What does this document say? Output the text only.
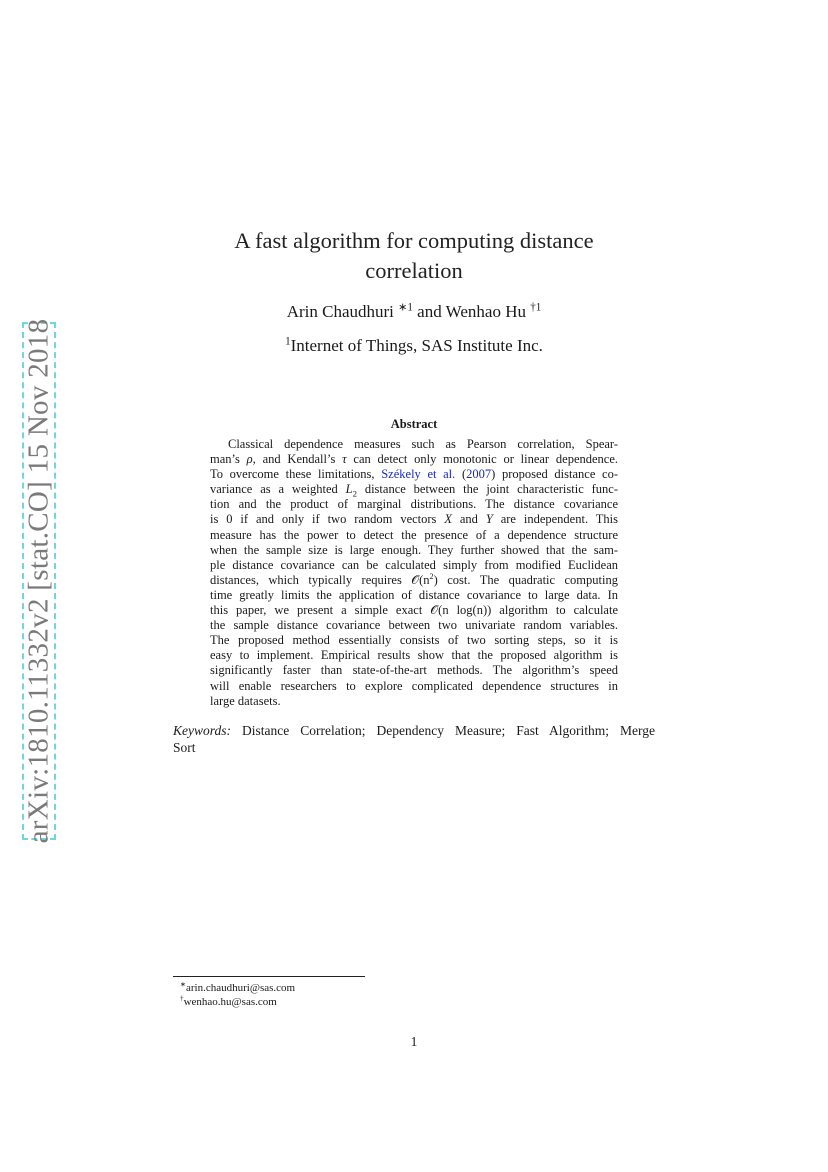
arXiv:1810.11332v2 [stat.CO] 15 Nov 2018
A fast algorithm for computing distance
correlation
Arin Chaudhuri $^{∗1}$ and Wenhao Hu $^{\dagger 1}$
$^1$Internet of Things, SAS Institute Inc.
Abstract
Classical dependence measures such as Pearson correlation, Spear-
man’s ρ, and Kendall’s τ can detect only monotonic or linear dependence.
To overcome these limitations, Székely et al. (2007) proposed distance co-
variance as a weighted $L_2$ distance between the joint characteristic func-
tion and the product of marginal distributions. The distance covariance
is 0 if and only if two random vectors X and Y are independent. This
measure has the power to detect the presence of a dependence structure
when the sample size is large enough. They further showed that the sam-
ple distance covariance can be calculated simply from modified Euclidean
distances, which typically requires $𝒪(n^2)$ cost. The quadratic computing
time greatly limits the application of distance covariance to large data. In
this paper, we present a simple exact 𝒪(n log(n)) algorithm to calculate
the sample distance covariance between two univariate random variables.
The proposed method essentially consists of two sorting steps, so it is
easy to implement. Empirical results show that the proposed algorithm is
significantly faster than state-of-the-art methods. The algorithm’s speed
will enable researchers to explore complicated dependence structures in
large datasets.
Keywords: Distance Correlation; Dependency Measure; Fast Algorithm; Merge
Sort
∗arin.chaudhuri@sas.com
†wenhao.hu@sas.com
1
